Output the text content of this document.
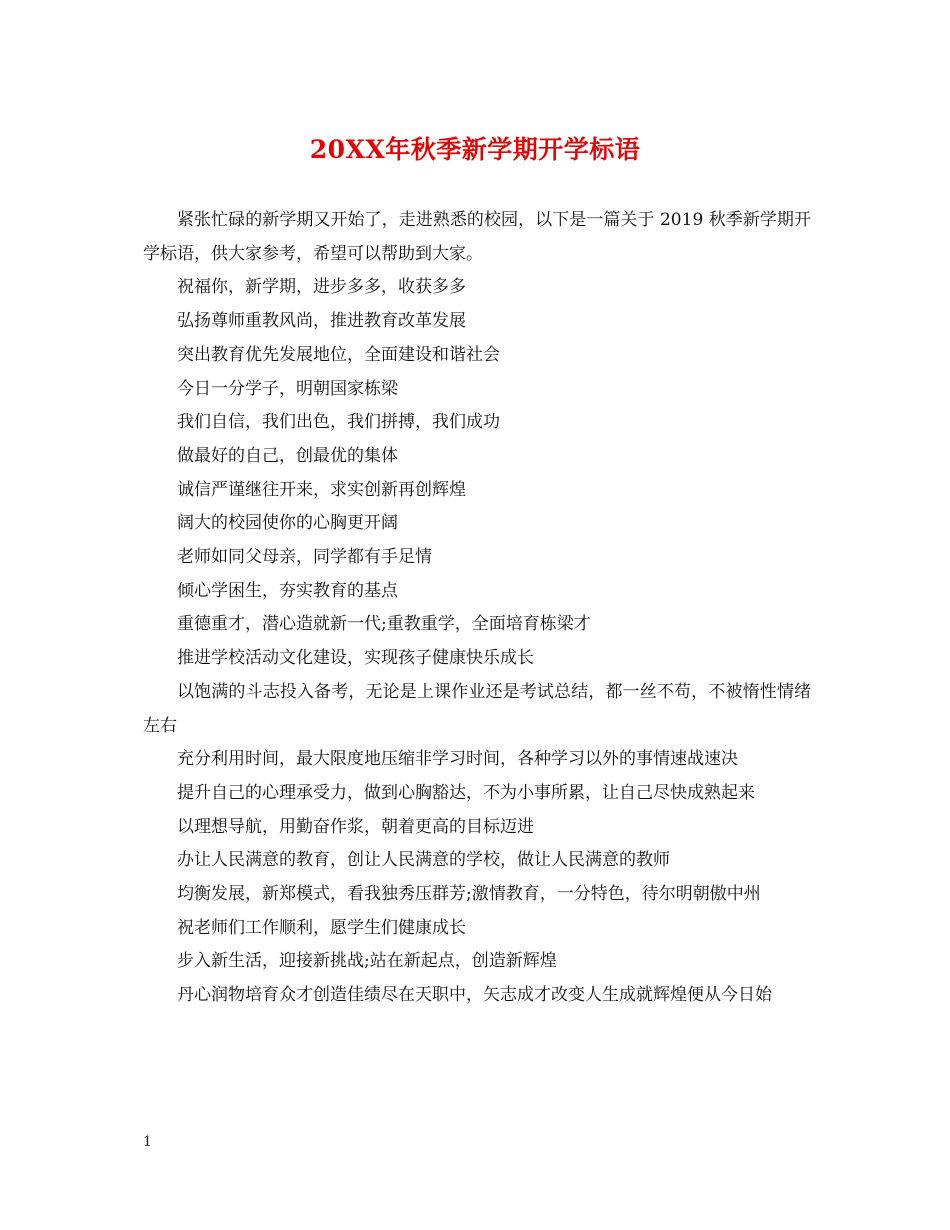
20XX年秋季新学期开学标语

紧张忙碌的新学期又开始了，走进熟悉的校园，以下是一篇关于 2019 秋季新学期开学标语，供大家参考，希望可以帮助到大家。

祝福你，新学期，进步多多，收获多多

弘扬尊师重教风尚，推进教育改革发展

突出教育优先发展地位，全面建设和谐社会

今日一分学子，明朝国家栋梁

我们自信，我们出色，我们拼搏，我们成功

做最好的自己，创最优的集体

诚信严谨继往开来，求实创新再创辉煌

阔大的校园使你的心胸更开阔

老师如同父母亲，同学都有手足情

倾心学困生，夯实教育的基点

重德重才，潜心造就新一代;重教重学，全面培育栋梁才

推进学校活动文化建设，实现孩子健康快乐成长

以饱满的斗志投入备考，无论是上课作业还是考试总结，都一丝不苟，不被惰性情绪左右

充分利用时间，最大限度地压缩非学习时间，各种学习以外的事情速战速决

提升自己的心理承受力，做到心胸豁达，不为小事所累，让自己尽快成熟起来

以理想导航，用勤奋作浆，朝着更高的目标迈进

办让人民满意的教育，创让人民满意的学校，做让人民满意的教师

均衡发展，新郑模式，看我独秀压群芳;激情教育，一分特色，待尔明朝傲中州

祝老师们工作顺利，愿学生们健康成长

步入新生活，迎接新挑战;站在新起点，创造新辉煌

丹心润物培育众才创造佳绩尽在天职中，矢志成才改变人生成就辉煌便从今日始

1
